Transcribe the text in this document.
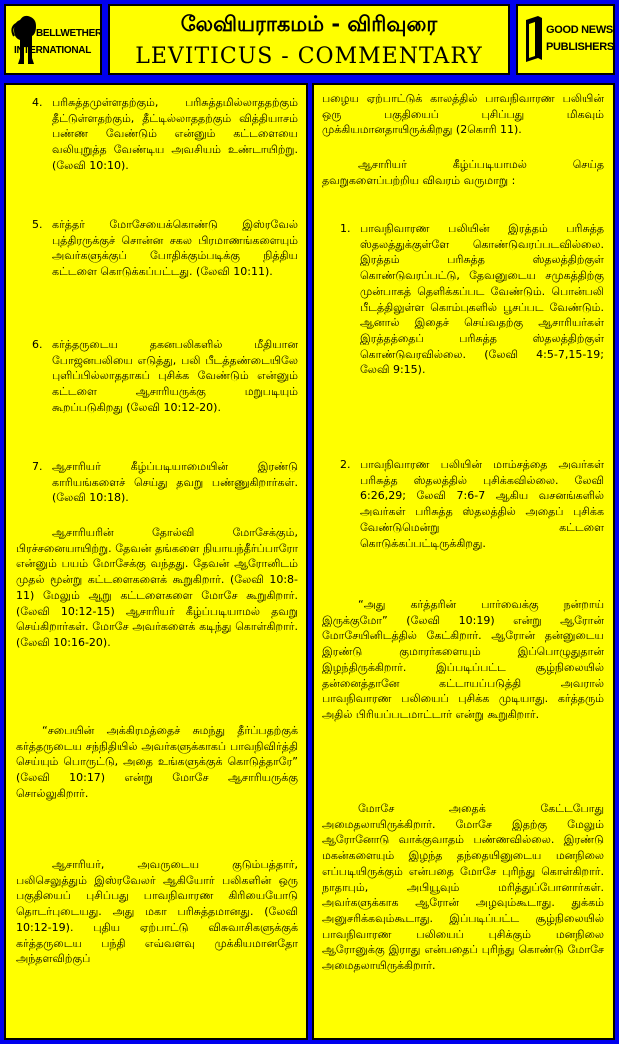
BELLWETHER
INTERNATIONAL
லேவியராகமம் - விரிவுரை
LEVITICUS - COMMENTARY
GOOD NEWS
PUBLISHERS
4. பரிசுத்தமுள்ளதற்கும், பரிசுத்தமில்லாததற்கும் தீட்டுள்ளதற்கும், தீட்டில்லாததற்கும் வித்தியாசம் பண்ண வேண்டும் என்னும் கட்டளையை வலியுறுத்த வேண்டிய அவசியம் உண்டாயிற்று. (லேவி 10:10).
5. கர்த்தர் மோசேயைக்கொண்டு இஸ்ரவேல் புத்திரருக்குச் சொன்ன சகல பிரமாணங்களையும் அவர்களுக்குப் போதிக்கும்படிக்கு நித்திய கட்டளை கொடுக்கப்பட்டது. (லேவி 10:11).
6. கர்த்தருடைய தகனபலிகளில் மீதியான போஜனபலியை எடுத்து, பலி பீடத்தண்டையிலே புளிப்பில்லாததாகப் புசிக்க வேண்டும் என்னும் கட்டளை ஆசாரியருக்கு மறுபடியும் கூறப்படுகிறது (லேவி 10:12-20).
7. ஆசாரியர் கீழ்ப்படியாமையின் இரண்டு காரியங்களைச் செய்து தவறு பண்ணுகிறார்கள். (லேவி 10:18).
ஆசாரியரின் தோல்வி மோசேக்கும், பிரச்சனையாயிற்று. தேவன் தங்களை நியாயந்தீர்ப்பாரோ என்னும் பயம் மோசேக்கு வந்தது. தேவன் ஆரோனிடம் முதல் மூன்று கட்டளைகளைக் கூறுகிறார். (லேவி 10:8-11) மேலும் ஆறு கட்டளைகளை மோசே கூறுகிறார். (லேவி 10:12-15) ஆசாரியர் கீழ்ப்படியாமல் தவறு செய்கிறார்கள். மோசே அவர்களைக் கடிந்து கொள்கிறார். (லேவி 10:16-20).
“சபையின் அக்கிரமத்தைச் சுமந்து தீர்ப்பதற்குக் கர்த்தருடைய சந்நிதியில் அவர்களுக்காகப் பாவநிவிர்த்தி செய்யும் பொருட்டு, அதை உங்களுக்குக் கொடுத்தாரே” (லேவி 10:17) என்று மோசே ஆசாரியருக்கு சொல்லுகிறார்.
ஆசாரியர், அவருடைய குடும்பத்தார், பலிசெலுத்தும் இஸ்ரவேலர் ஆகியோர் பலிகளின் ஒரு பகுதியைப் புசிப்பது பாவநிவாரண கிரியையோடு தொடர்புடையது. அது மகா பரிசுத்தமானது. (லேவி 10:12-19). புதிய ஏற்பாட்டு விசுவாசிகளுக்குக் கர்த்தருடைய பந்தி எவ்வளவு முக்கியமானதோ அந்தளவிற்குப்
பழைய ஏற்பாட்டுக் காலத்தில் பாவநிவாரண பலியின் ஒரு பகுதியைப் புசிப்பது மிகவும் முக்கியமானதாயிருக்கிறது (2கொரி 11).
ஆசாரியர் கீழ்ப்படியாமல் செய்த தவறுகளைப்பற்றிய விவரம் வருமாறு :
1. பாவநிவாரண பலியின் இரத்தம் பரிசுத்த ஸ்தலத்துக்குள்ளே கொண்டுவரப்படவில்லை. இரத்தம் பரிசுத்த ஸ்தலத்திற்குள் கொண்டுவரப்பட்டு, தேவனுடைய சமுகத்திற்கு முன்பாகத் தெளிக்கப்பட வேண்டும். பொன்பலி பீடத்திலுள்ள கொம்புகளில் பூசப்பட வேண்டும். ஆனால் இதைச் செய்வதற்கு ஆசாரியர்கள் இரத்தத்தைப் பரிசுத்த ஸ்தலத்திற்குள் கொண்டுவரவில்லை. (லேவி 4:5-7,15-19; லேவி 9:15).
2. பாவநிவாரண பலியின் மாம்சத்தை அவர்கள் பரிசுத்த ஸ்தலத்தில் புசிக்கவில்லை. லேவி 6:26,29; லேவி 7:6-7 ஆகிய வசனங்களில் அவர்கள் பரிசுத்த ஸ்தலத்தில் அதைப் புசிக்க வேண்டுமென்று கட்டளை கொடுக்கப்பட்டிருக்கிறது.
“அது கர்த்தரின் பார்வைக்கு நன்றாய் இருக்குமோ” (லேவி 10:19) என்று ஆரோன் மோசேயினிடத்தில் கேட்கிறார். ஆரோன் தன்னுடைய இரண்டு குமாரர்களையும் இப்பொழுதுதான் இழந்திருக்கிறார். இப்படிப்பட்ட சூழ்நிலையில் தன்னைத்தானே கட்டாயப்படுத்தி அவரால் பாவநிவாரண பலியைப் புசிக்க முடியாது. கர்த்தரும் அதில் பிரியப்படமாட்டார் என்று கூறுகிறார்.
மோசே அதைக் கேட்டபோது அமைதலாயிருக்கிறார். மோசே இதற்கு மேலும் ஆரோனோடு வாக்குவாதம் பண்ணவில்லை. இரண்டு மகன்களையும் இழந்த தந்தையினுடைய மனநிலை எப்படியிருக்கும் என்பதை மோசே புரிந்து கொள்கிறார். நாதாபும், அபியூவும் மரித்துப்போனார்கள். அவர்களுக்காக ஆரோன் அழவும்கூடாது. துக்கம் அனுசரிக்கவும்கூடாது. இப்படிப்பட்ட சூழ்நிலையில் பாவநிவாரண பலியைப் புசிக்கும் மனநிலை ஆரோனுக்கு இராது என்பதைப் புரிந்து கொண்டு மோசே அமைதலாயிருக்கிறார்.
